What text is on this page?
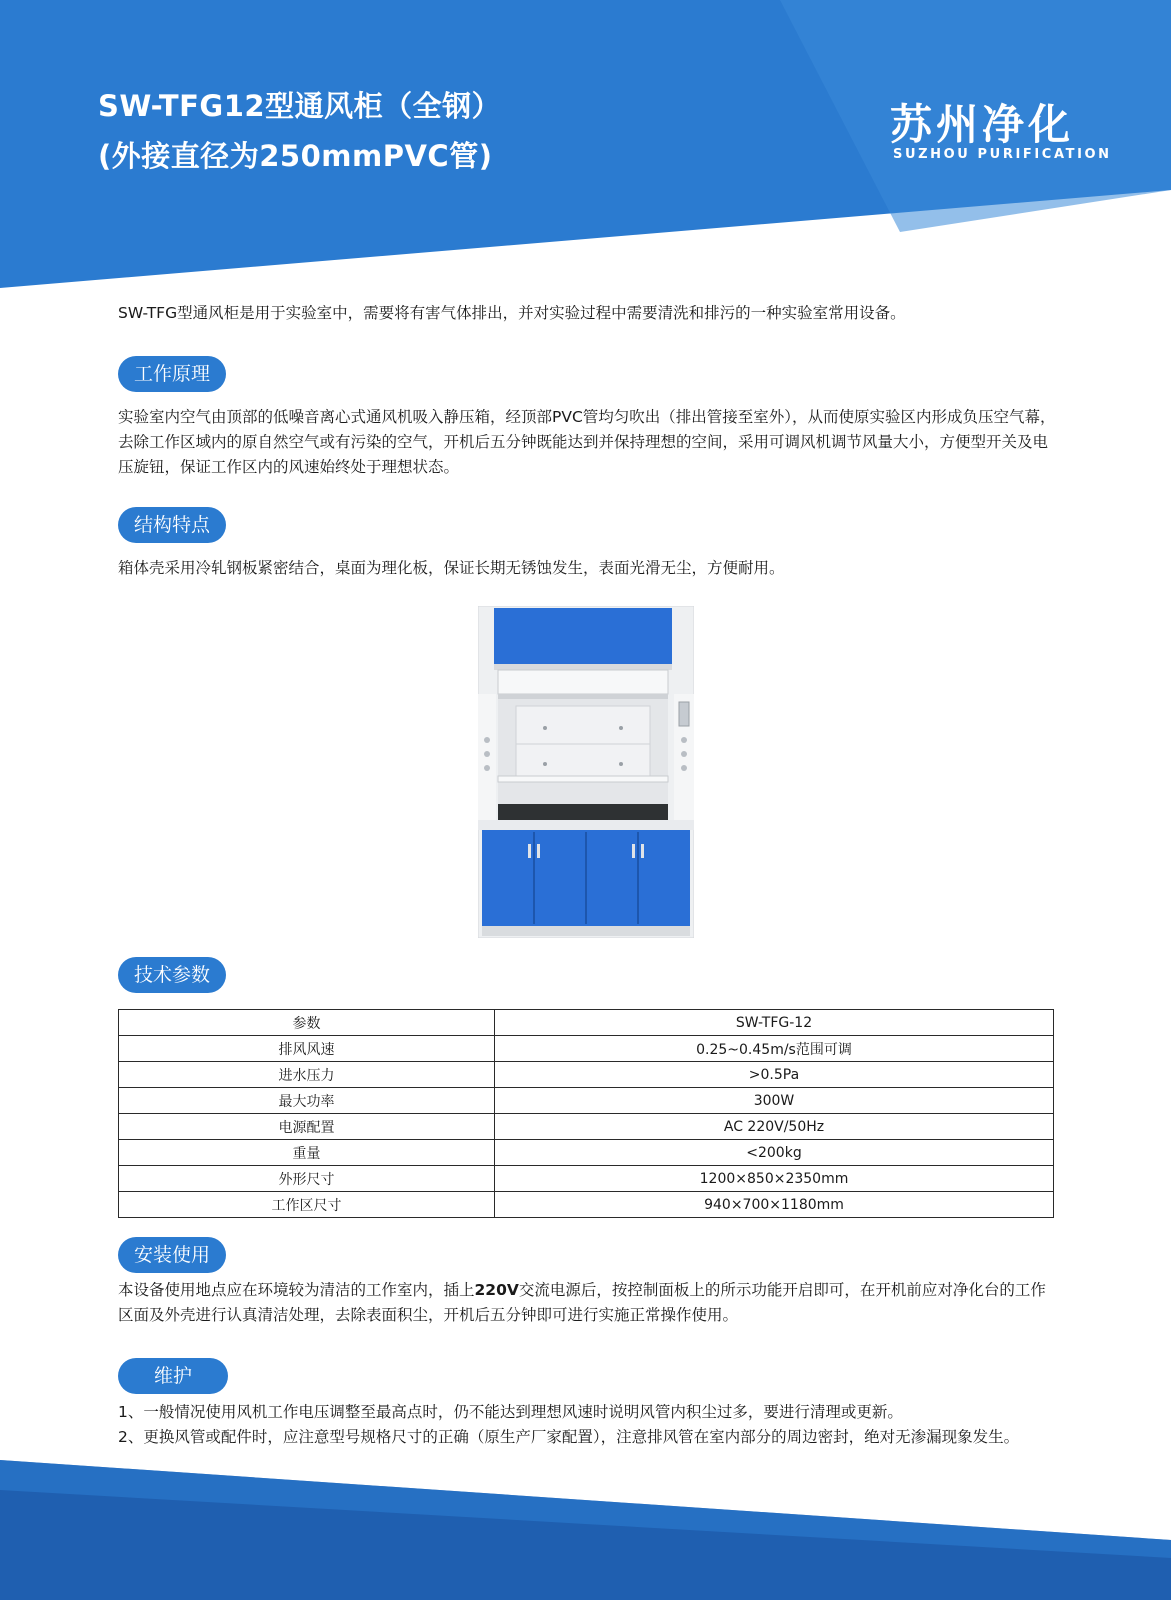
SW-TFG12型通风柜（全钢）
(外接直径为250mmPVC管)
苏州净化
SUZHOU PURIFICATION
SW-TFG型通风柜是用于实验室中，需要将有害气体排出，并对实验过程中需要清洗和排污的一种实验室常用设备。
工作原理
实验室内空气由顶部的低噪音离心式通风机吸入静压箱，经顶部PVC管均匀吹出（排出管接至室外），从而使原实验区内形成负压空气幕，去除工作区域内的原自然空气或有污染的空气，开机后五分钟既能达到并保持理想的空间，采用可调风机调节风量大小，方便型开关及电压旋钮，保证工作区内的风速始终处于理想状态。
结构特点
箱体壳采用冷轧钢板紧密结合，桌面为理化板，保证长期无锈蚀发生，表面光滑无尘，方便耐用。
技术参数
参数	SW-TFG-12
排风风速	0.25~0.45m/s范围可调
进水压力	>0.5Pa
最大功率	300W
电源配置	AC 220V/50Hz
重量	<200kg
外形尺寸	1200×850×2350mm
工作区尺寸	940×700×1180mm
安装使用
本设备使用地点应在环境较为清洁的工作室内，插上220V交流电源后，按控制面板上的所示功能开启即可，在开机前应对净化台的工作区面及外壳进行认真清洁处理，去除表面积尘，开机后五分钟即可进行实施正常操作使用。
维护
1、一般情况使用风机工作电压调整至最高点时，仍不能达到理想风速时说明风管内积尘过多，要进行清理或更新。
2、更换风管或配件时，应注意型号规格尺寸的正确（原生产厂家配置），注意排风管在室内部分的周边密封，绝对无渗漏现象发生。
